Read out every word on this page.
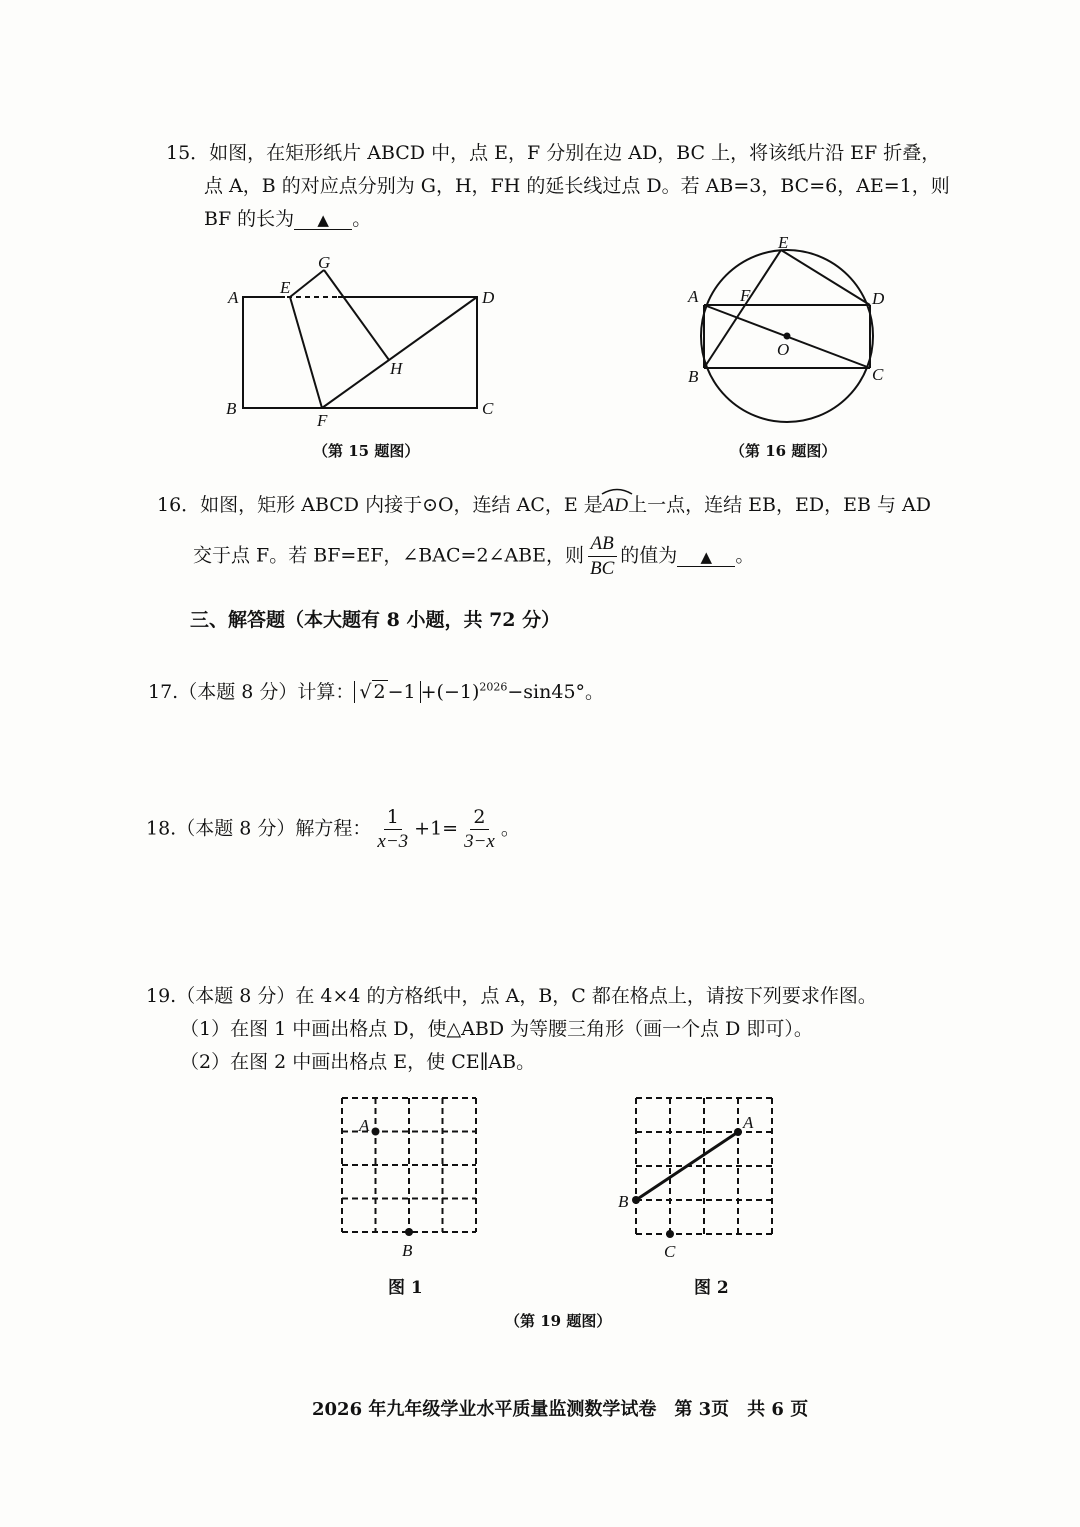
15．如图，在矩形纸片 ABCD 中，点 E，F 分别在边 AD，BC 上，将该纸片沿 EF 折叠，
点 A，B 的对应点分别为 G，H，FH 的延长线过点 D。若 AB=3，BC=6，AE=1，则
BF 的长为 ▲ 。
A
E
G
D
H
B
F
C
（第 15 题图）
E
A F	D
O
B	C
（第 16 题图）
16．如图，矩形 ABCD 内接于⊙O，连结 AC，E 是
AD上一点，连结 EB，ED，EB 与 AD
交于点 F。若 BF=EF，∠BAC=2∠ABE，则 $\frac{AB}{BC}$ 的值为 ▲ 。
三、解答题（本大题有 8 小题，共 72 分）
17.（本题 8 分）计算： √ $2 -1 +(-1)^{2026}-\sin 45^\circ$。
18.（本题 8 分）解方程： $\frac{1}{x-3} +1= \frac{2}{3-x}$ 。
19.（本题 8 分）在 4×4 的方格纸中，点 A，B，C 都在格点上，请按下列要求作图。
（1）在图 1 中画出格点 D，使△ABD 为等腰三角形（画一个点 D 即可）。
（2）在图 2 中画出格点 E，使 CE∥AB。
A
B
A
B
C
图 1	图 2
（第 19 题图）
2026 年九年级学业水平质量监测数学试卷　第 3页　共 6 页
